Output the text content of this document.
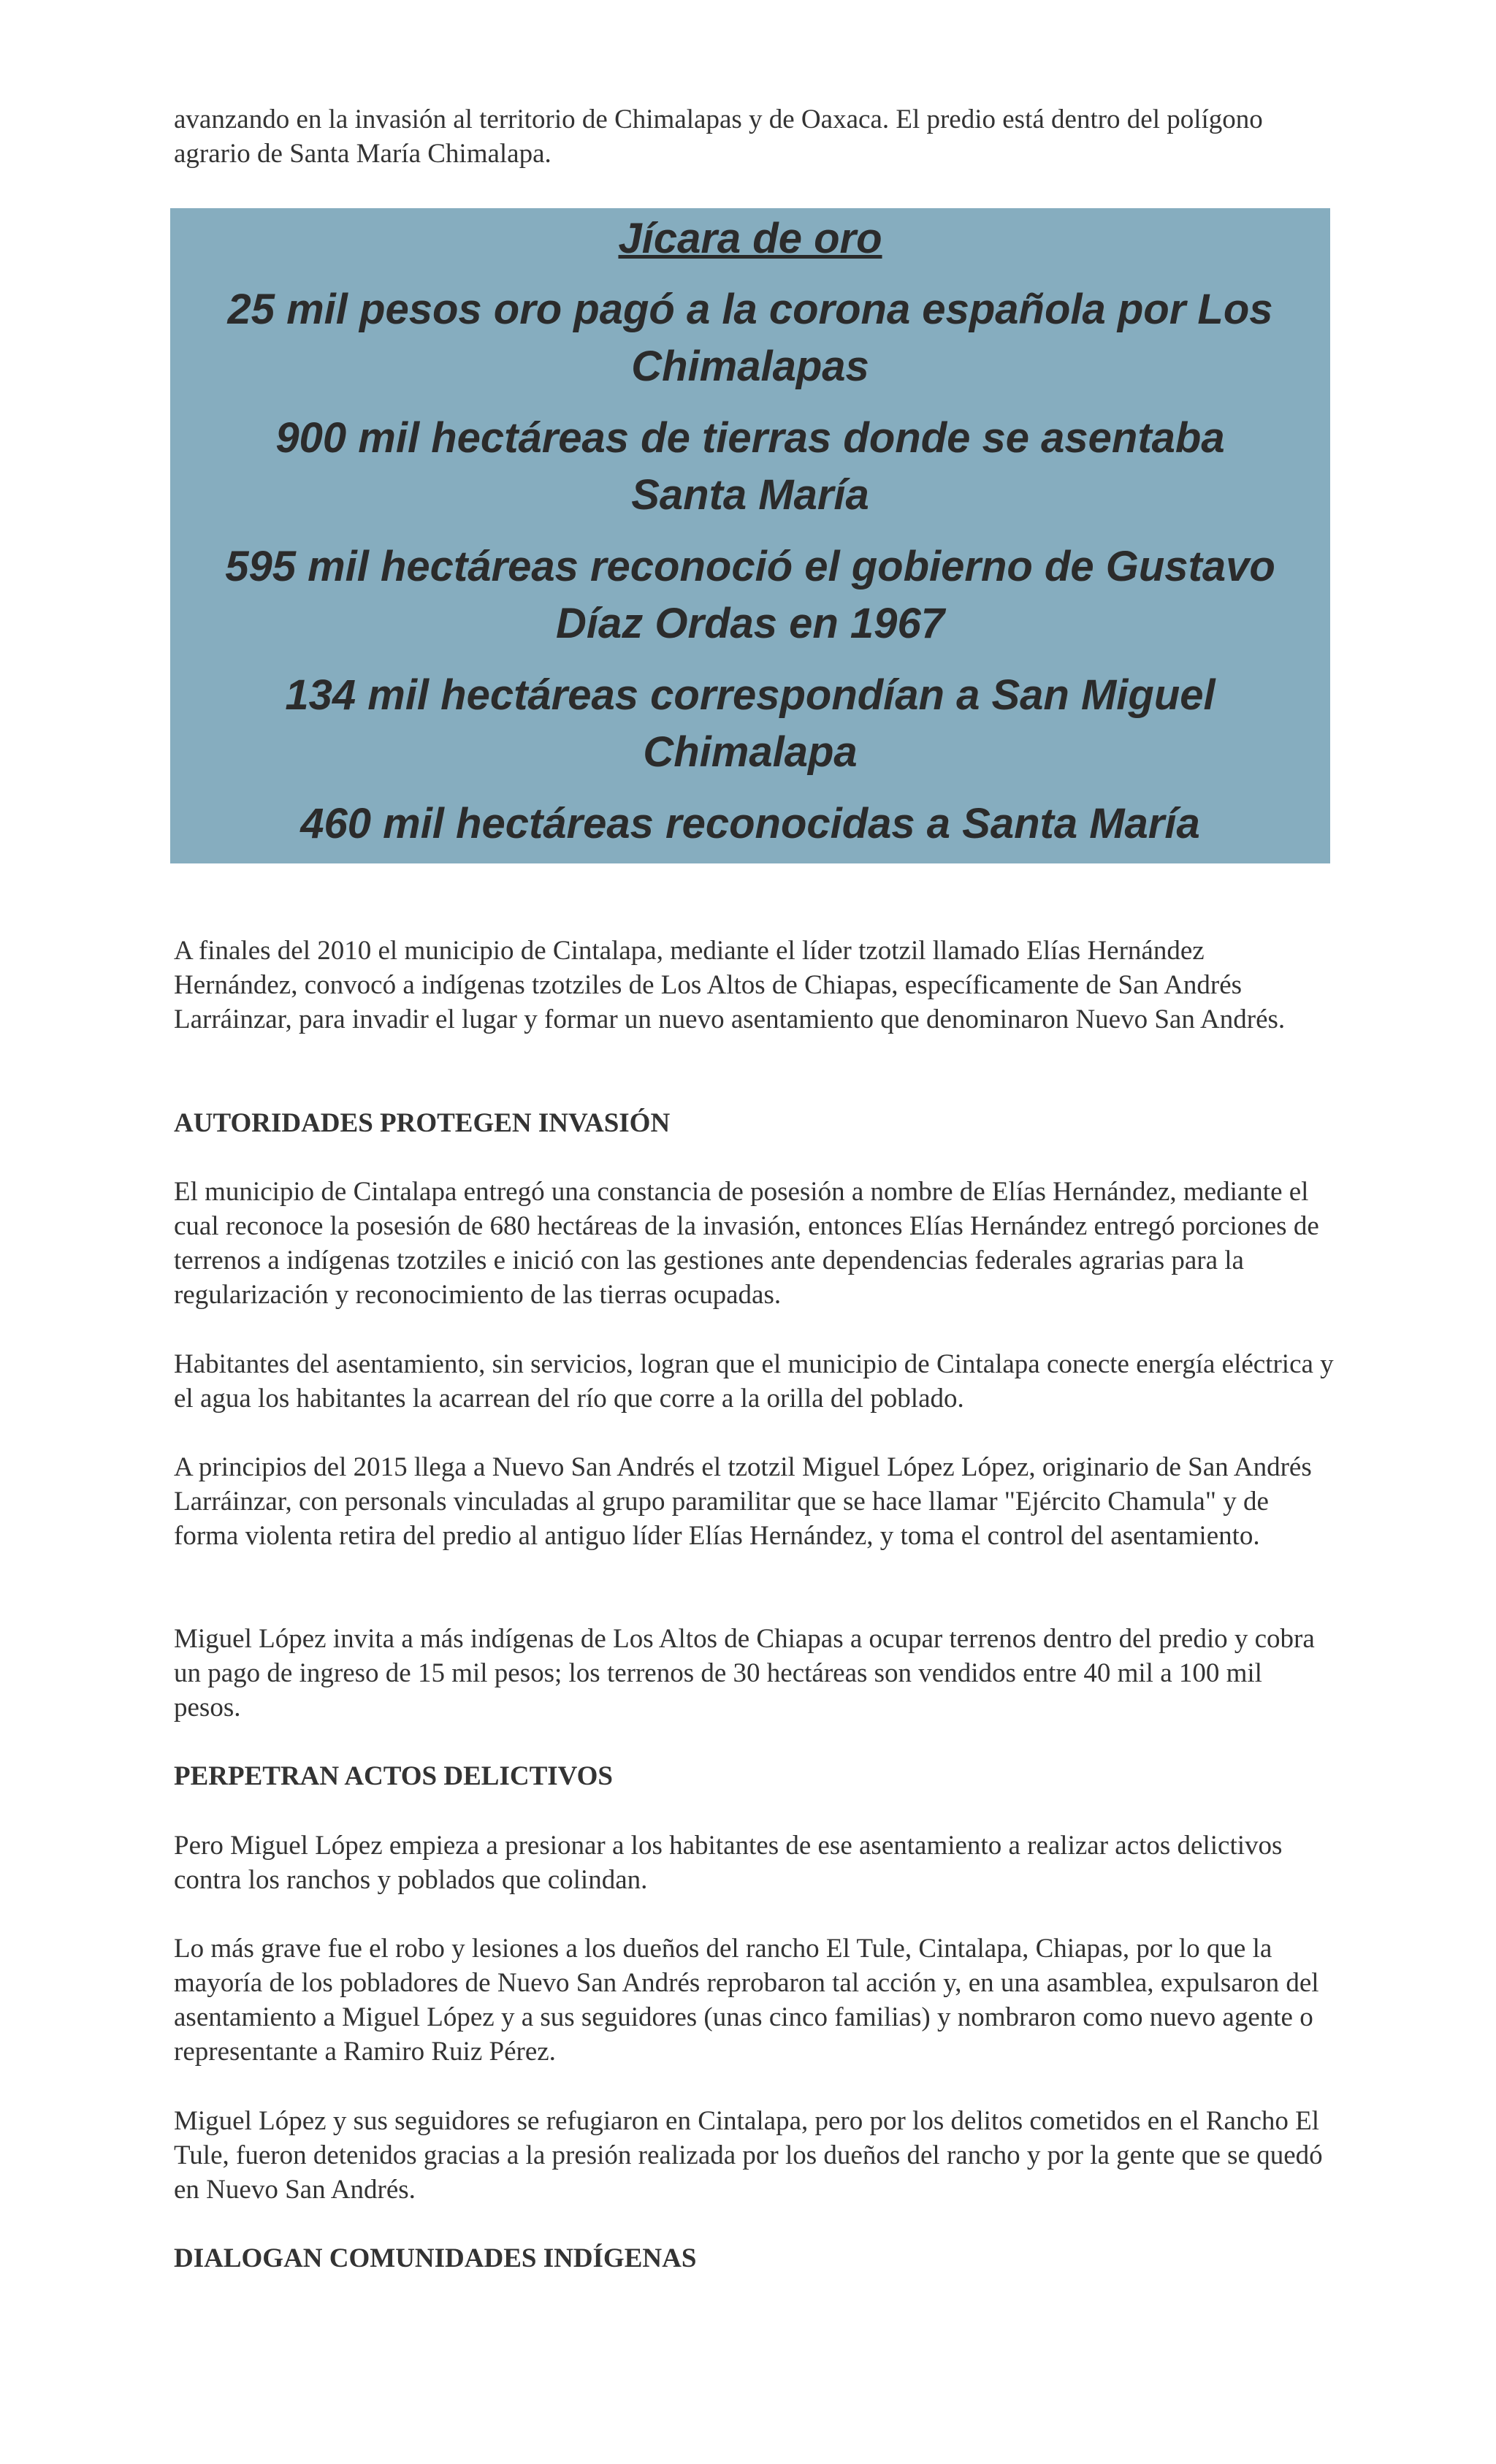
avanzando en la invasión al territorio de Chimalapas y de Oaxaca. El predio está dentro del polígono agrario de Santa María Chimalapa.

Jícara de oro

25 mil pesos oro pagó a la corona española por Los Chimalapas

900 mil hectáreas de tierras donde se asentaba Santa María

595 mil hectáreas reconoció el gobierno de Gustavo Díaz Ordas en 1967

134 mil hectáreas correspondían a San Miguel Chimalapa

460 mil hectáreas reconocidas a Santa María

A finales del 2010 el municipio de Cintalapa, mediante el líder tzotzil llamado Elías Hernández Hernández, convocó a indígenas tzotziles de Los Altos de Chiapas, específicamente de San Andrés Larráinzar, para invadir el lugar y formar un nuevo asentamiento que denominaron Nuevo San Andrés.

AUTORIDADES PROTEGEN INVASIÓN

El municipio de Cintalapa entregó una constancia de posesión a nombre de Elías Hernández, mediante el cual reconoce la posesión de 680 hectáreas de la invasión, entonces Elías Hernández entregó porciones de terrenos a indígenas tzotziles e inició con las gestiones ante dependencias federales agrarias para la regularización y reconocimiento de las tierras ocupadas.

Habitantes del asentamiento, sin servicios, logran que el municipio de Cintalapa conecte energía eléctrica y el agua los habitantes la acarrean del río que corre a la orilla del poblado.

A principios del 2015 llega a Nuevo San Andrés el tzotzil Miguel López López, originario de San Andrés Larráinzar, con personals vinculadas al grupo paramilitar que se hace llamar "Ejército Chamula" y de forma violenta retira del predio al antiguo líder Elías Hernández, y toma el control del asentamiento.

Miguel López invita a más indígenas de Los Altos de Chiapas a ocupar terrenos dentro del predio y cobra un pago de ingreso de 15 mil pesos; los terrenos de 30 hectáreas son vendidos entre 40 mil a 100 mil pesos.

PERPETRAN ACTOS DELICTIVOS

Pero Miguel López empieza a presionar a los habitantes de ese asentamiento a realizar actos delictivos contra los ranchos y poblados que colindan.

Lo más grave fue el robo y lesiones a los dueños del rancho El Tule, Cintalapa, Chiapas, por lo que la mayoría de los pobladores de Nuevo San Andrés reprobaron tal acción y, en una asamblea, expulsaron del asentamiento a Miguel López y a sus seguidores (unas cinco familias) y nombraron como nuevo agente o representante a Ramiro Ruiz Pérez.

Miguel López y sus seguidores se refugiaron en Cintalapa, pero por los delitos cometidos en el Rancho El Tule, fueron detenidos gracias a la presión realizada por los dueños del rancho y por la gente que se quedó en Nuevo San Andrés.

DIALOGAN COMUNIDADES INDÍGENAS
